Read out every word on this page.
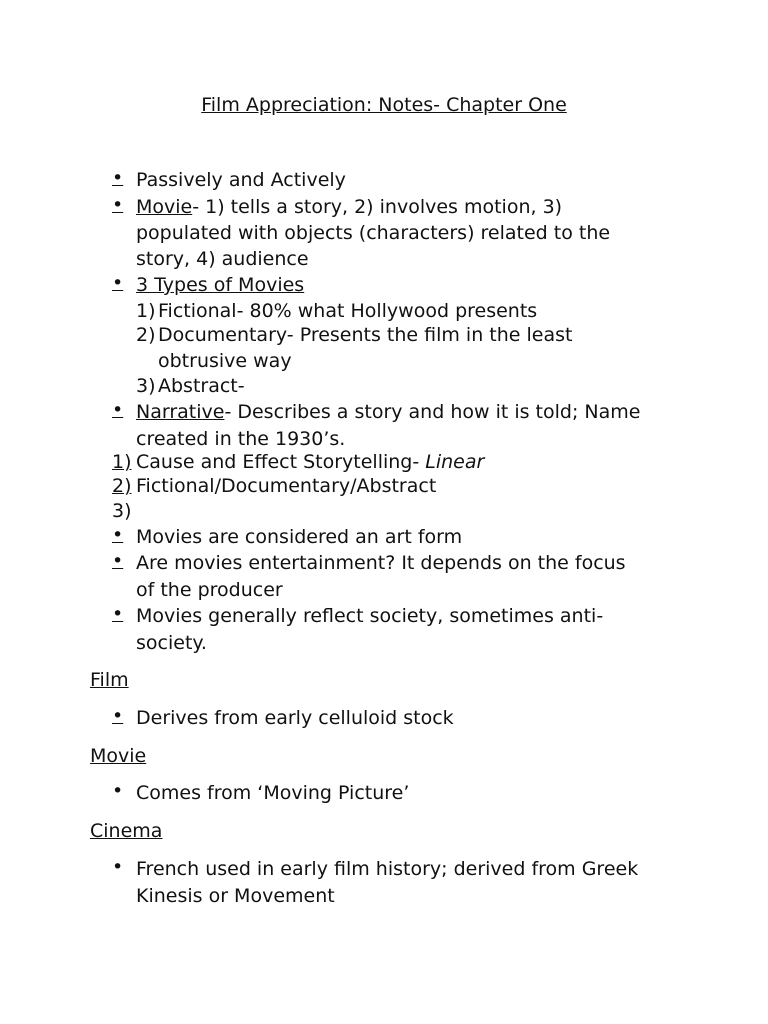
Film Appreciation: Notes- Chapter One
• Passively and Actively
• Movie- 1) tells a story, 2) involves motion, 3)
populated with objects (characters) related to the
story, 4) audience
• 3 Types of Movies
1) Fictional- 80% what Hollywood presents
2) Documentary- Presents the film in the least
obtrusive way
3) Abstract-
• Narrative- Describes a story and how it is told; Name
created in the 1930’s.
1) Cause and Effect Storytelling- Linear
2) Fictional/Documentary/Abstract
3)
• Movies are considered an art form
• Are movies entertainment? It depends on the focus
of the producer
• Movies generally reflect society, sometimes anti-
society.
Film
• Derives from early celluloid stock
Movie
• Comes from ‘Moving Picture’
Cinema
• French used in early film history; derived from Greek
Kinesis or Movement
